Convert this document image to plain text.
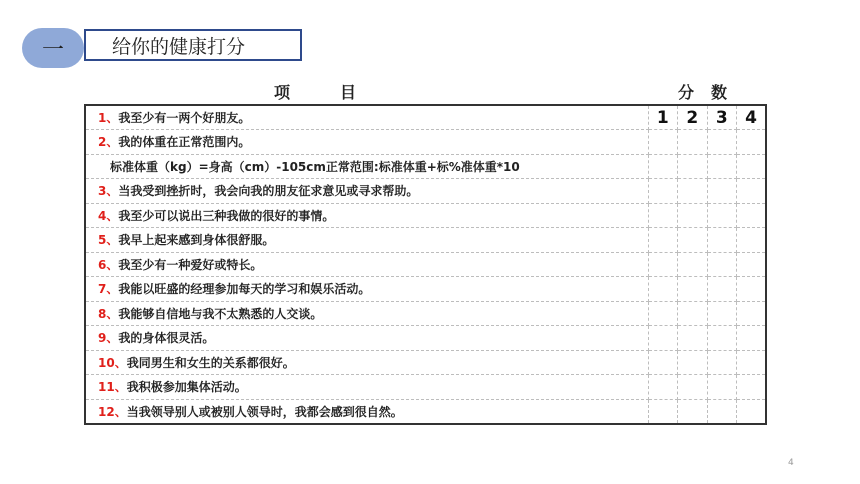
一	给你的健康打分
项　　　目	分　数
1、我至少有一两个好朋友。	1	2	3	4
2、我的体重在正常范围内。				
标准体重（kg）=身高（cm）-105cm正常范围:标准体重+标%准体重*10				
3、当我受到挫折时，我会向我的朋友征求意见或寻求帮助。				
4、我至少可以说出三种我做的很好的事情。				
5、我早上起来感到身体很舒服。				
6、我至少有一种爱好或特长。				
7、我能以旺盛的经理参加每天的学习和娱乐活动。				
8、我能够自信地与我不太熟悉的人交谈。				
9、我的身体很灵活。				
10、我同男生和女生的关系都很好。				
11、我积极参加集体活动。				
12、当我领导别人或被别人领导时，我都会感到很自然。				
4
